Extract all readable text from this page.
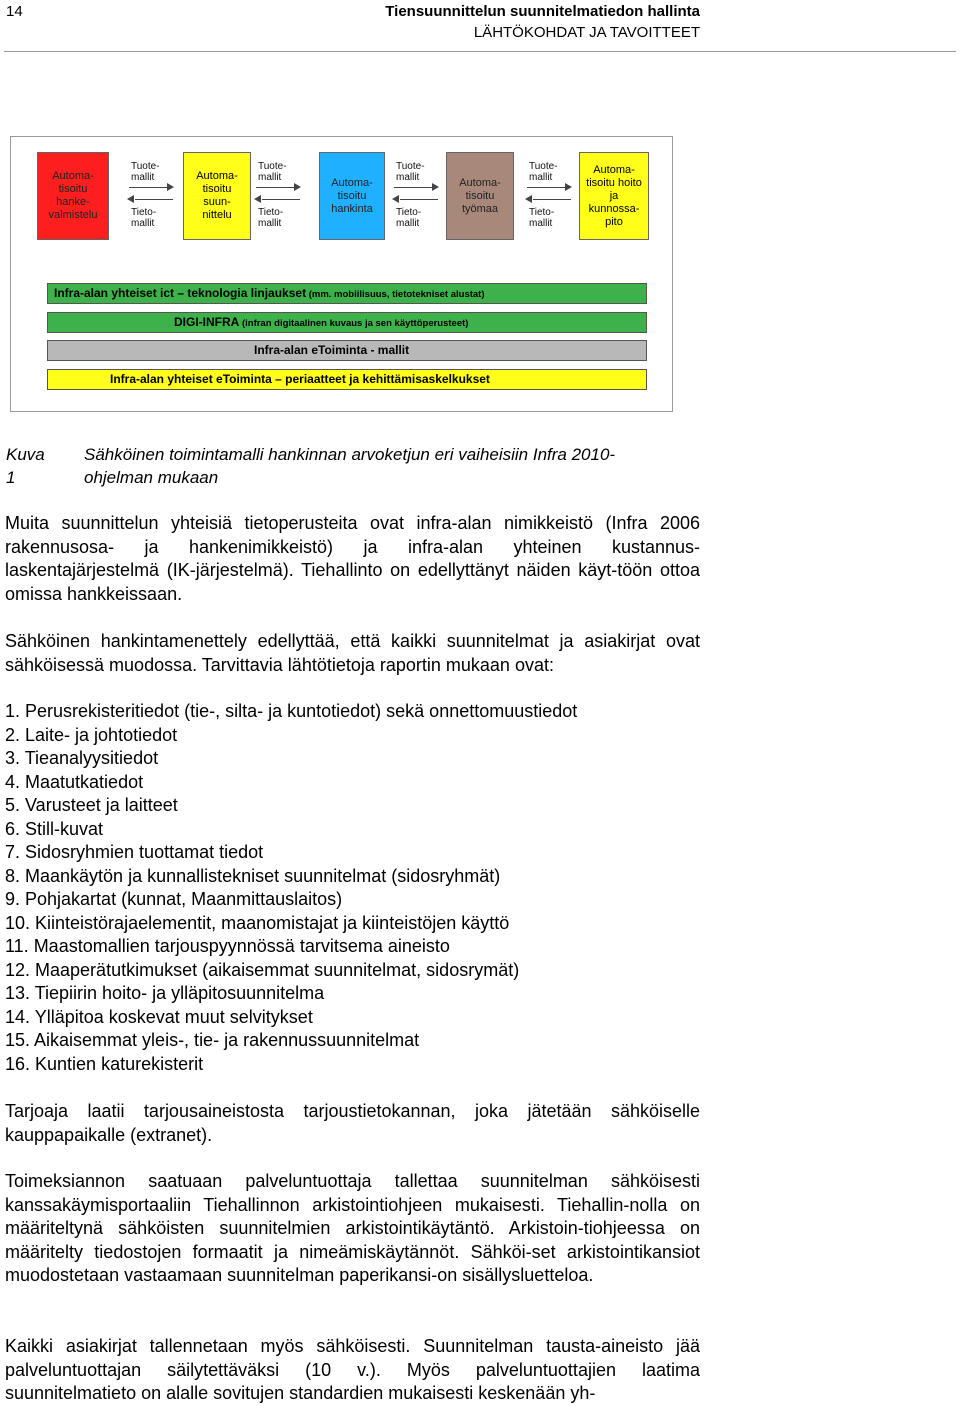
14	Tiensuunnittelun suunnitelmatiedon hallinta
LÄHTÖKOHDAT JA TAVOITTEET
Automa-
tisoitu
hanke-
valmistelu
Automa-
tisoitu
suun-
nittelu
Automa-
tisoitu
hankinta
Automa-
tisoitu
työmaa
Automa-
tisoitu hoito
ja
kunnossa-
pito
Tuote-
mallit
Tieto-
mallit
Tuote-
mallit
Tieto-
mallit
Tuote-
mallit
Tieto-
mallit
Tuote-
mallit
Tieto-
mallit
Infra-alan yhteiset ict – teknologia linjaukset (mm. mobiilisuus, tietotekniset alustat)
DIGI-INFRA (infran digitaalinen kuvaus ja sen käyttöperusteet)
Infra-alan eToiminta - mallit
Infra-alan yhteiset eToiminta – periaatteet ja kehittämisaskelkukset
Kuva 1
Sähköinen toimintamalli hankinnan arvoketjun eri vaiheisiin Infra 2010-ohjelman mukaan
Muita suunnittelun yhteisiä tietoperusteita ovat infra-alan nimikkeistö (Infra 2006 rakennusosa- ja hankenimikkeistö) ja infra-alan yhteinen kustannus-laskentajärjestelmä (IK-järjestelmä). Tiehallinto on edellyttänyt näiden käyt-töön ottoa omissa hankkeissaan.
Sähköinen hankintamenettely edellyttää, että kaikki suunnitelmat ja asiakirjat ovat sähköisessä muodossa. Tarvittavia lähtötietoja raportin mukaan ovat:
1. Perusrekisteritiedot (tie-, silta- ja kuntotiedot) sekä onnettomuustiedot
2. Laite- ja johtotiedot
3. Tieanalyysitiedot
4. Maatutkatiedot
5. Varusteet ja laitteet
6. Still-kuvat
7. Sidosryhmien tuottamat tiedot
8. Maankäytön ja kunnallistekniset suunnitelmat (sidosryhmät)
9. Pohjakartat (kunnat, Maanmittauslaitos)
10. Kiinteistörajaelementit, maanomistajat ja kiinteistöjen käyttö
11. Maastomallien tarjouspyynnössä tarvitsema aineisto
12. Maaperätutkimukset (aikaisemmat suunnitelmat, sidosrymät)
13. Tiepiirin hoito- ja ylläpitosuunnitelma
14. Ylläpitoa koskevat muut selvitykset
15. Aikaisemmat yleis-, tie- ja rakennussuunnitelmat
16. Kuntien katurekisterit
Tarjoaja laatii tarjousaineistosta tarjoustietokannan, joka jätetään sähköiselle kauppapaikalle (extranet).
Toimeksiannon saatuaan palveluntuottaja tallettaa suunnitelman sähköisesti kanssakäymisportaaliin Tiehallinnon arkistointiohjeen mukaisesti. Tiehallin-nolla on määriteltynä sähköisten suunnitelmien arkistointikäytäntö. Arkistoin-tiohjeessa on määritelty tiedostojen formaatit ja nimeämiskäytännöt. Sähköi-set arkistointikansiot muodostetaan vastaamaan suunnitelman paperikansi-on sisällysluetteloa.
Kaikki asiakirjat tallennetaan myös sähköisesti. Suunnitelman tausta-aineisto jää palveluntuottajan säilytettäväksi (10 v.). Myös palveluntuottajien laatima suunnitelmatieto on alalle sovitujen standardien mukaisesti keskenään yh-
